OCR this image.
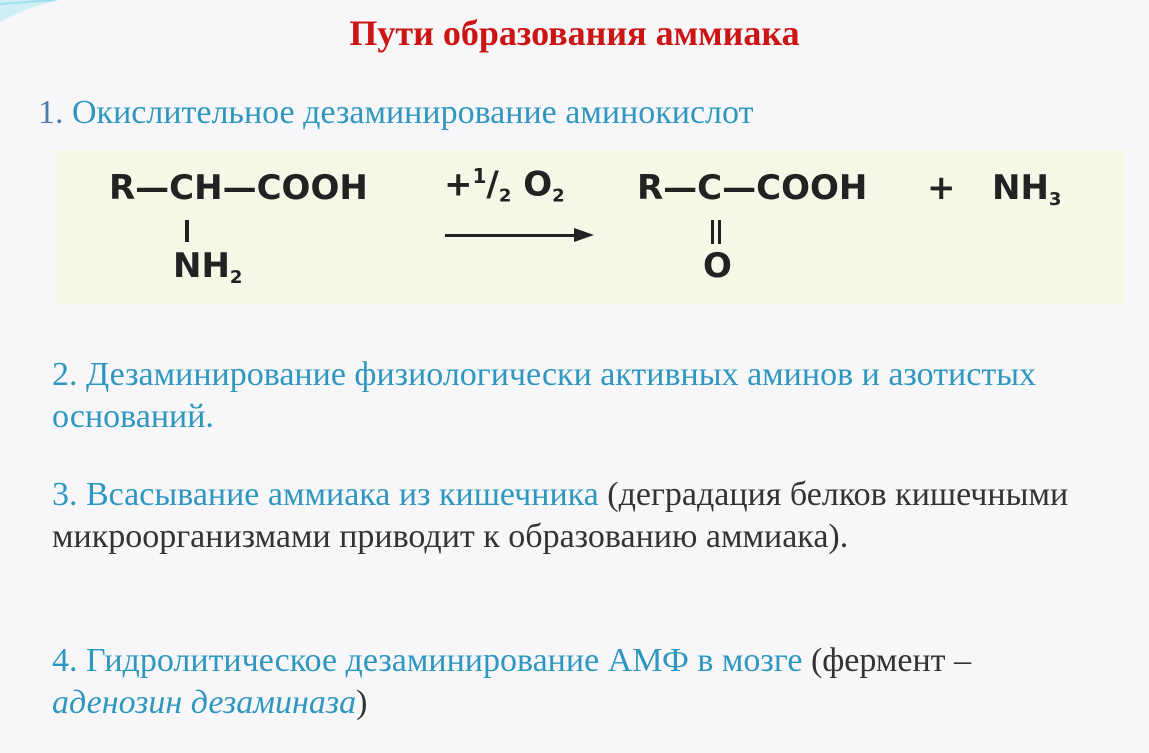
Пути образования аммиака
1. Окислительное дезаминирование аминокислот
R—CH—COOH
$NH_2$
$+^1/_2$ $O_2$ R—C—COOH
O
+ $NH_3$
2. Дезаминирование физиологически активных аминов и азотистых оснований.
3. Всасывание аммиака из кишечника (деградация белков кишечными микроорганизмами приводит к образованию аммиака).
4. Гидролитическое дезаминирование АМФ в мозге (фермент –
аденозин дезаминаза)
